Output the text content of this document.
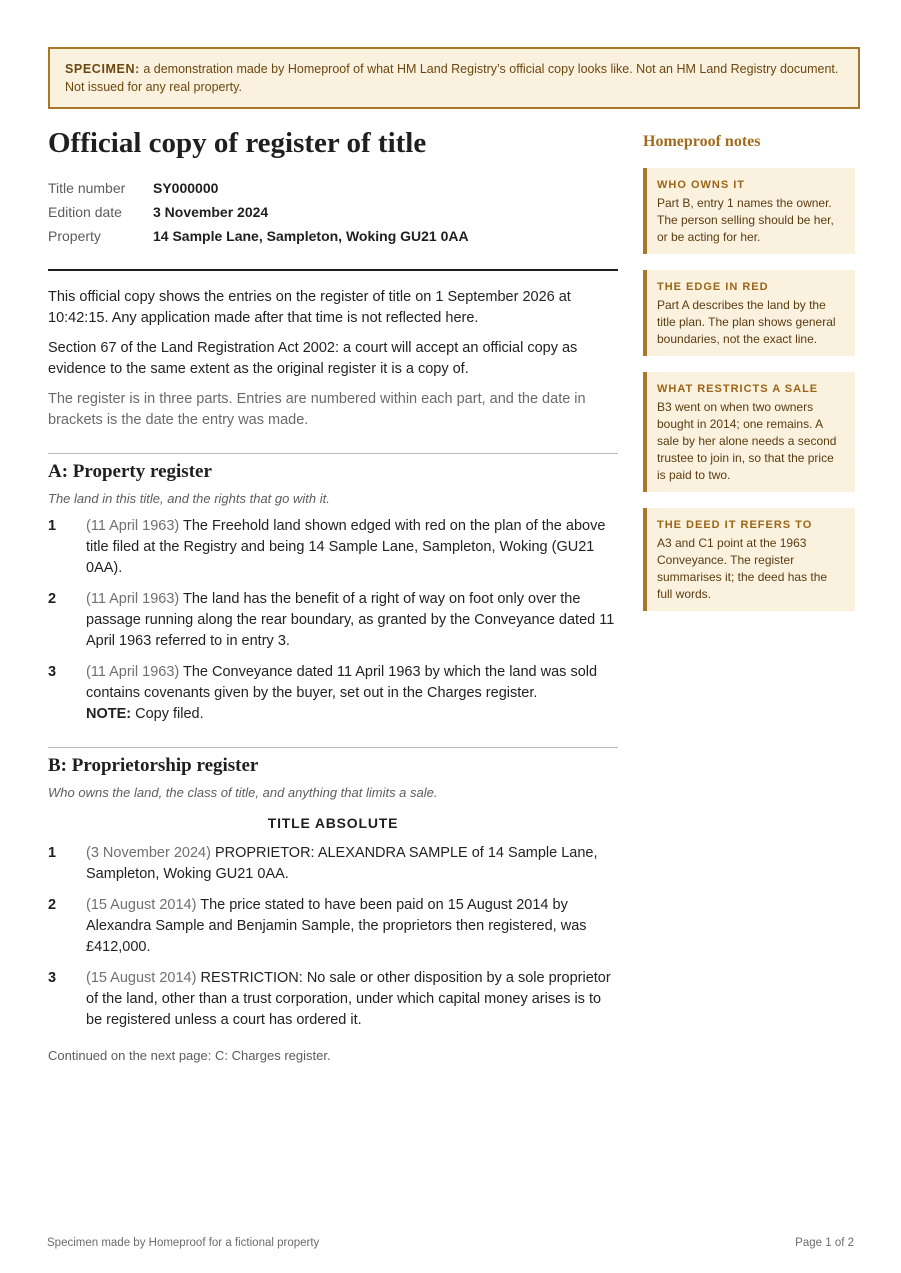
SPECIMEN: a demonstration made by Homeproof of what HM Land Registry’s official copy looks like. Not an HM Land Registry document. Not issued for any real property.
Official copy of register of title
Title number	SY000000
Edition date	3 November 2024
Property	14 Sample Lane, Sampleton, Woking GU21 0AA

This official copy shows the entries on the register of title on 1 September 2026 at 10:42:15. Any application made after that time is not reflected here.

Section 67 of the Land Registration Act 2002: a court will accept an official copy as evidence to the same extent as the original register it is a copy of.

The register is in three parts. Entries are numbered within each part, and the date in brackets is the date the entry was made.

A: Property register
The land in this title, and the rights that go with it.
1	(11 April 1963) The Freehold land shown edged with red on the plan of the above title filed at the Registry and being 14 Sample Lane, Sampleton, Woking (GU21 0AA).
2	(11 April 1963) The land has the benefit of a right of way on foot only over the passage running along the rear boundary, as granted by the Conveyance dated 11 April 1963 referred to in entry 3.
3	(11 April 1963) The Conveyance dated 11 April 1963 by which the land was sold contains covenants given by the buyer, set out in the Charges register.
NOTE: Copy filed.
B: Proprietorship register
Who owns the land, the class of title, and anything that limits a sale.
TITLE ABSOLUTE
1	(3 November 2024) PROPRIETOR: ALEXANDRA SAMPLE of 14 Sample Lane, Sampleton, Woking GU21 0AA.
2	(15 August 2014) The price stated to have been paid on 15 August 2014 by Alexandra Sample and Benjamin Sample, the proprietors then registered, was £412,000.
3	(15 August 2014) RESTRICTION: No sale or other disposition by a sole proprietor of the land, other than a trust corporation, under which capital money arises is to be registered unless a court has ordered it.
Continued on the next page: C: Charges register.
Homeproof notes
WHO OWNS IT
Part B, entry 1 names the owner. The person selling should be her, or be acting for her.
THE EDGE IN RED
Part A describes the land by the title plan. The plan shows general boundaries, not the exact line.
WHAT RESTRICTS A SALE
B3 went on when two owners bought in 2014; one remains. A sale by her alone needs a second trustee to join in, so that the price is paid to two.
THE DEED IT REFERS TO
A3 and C1 point at the 1963 Conveyance. The register summarises it; the deed has the full words.
Specimen made by Homeproof for a fictional property	Page 1 of 2
